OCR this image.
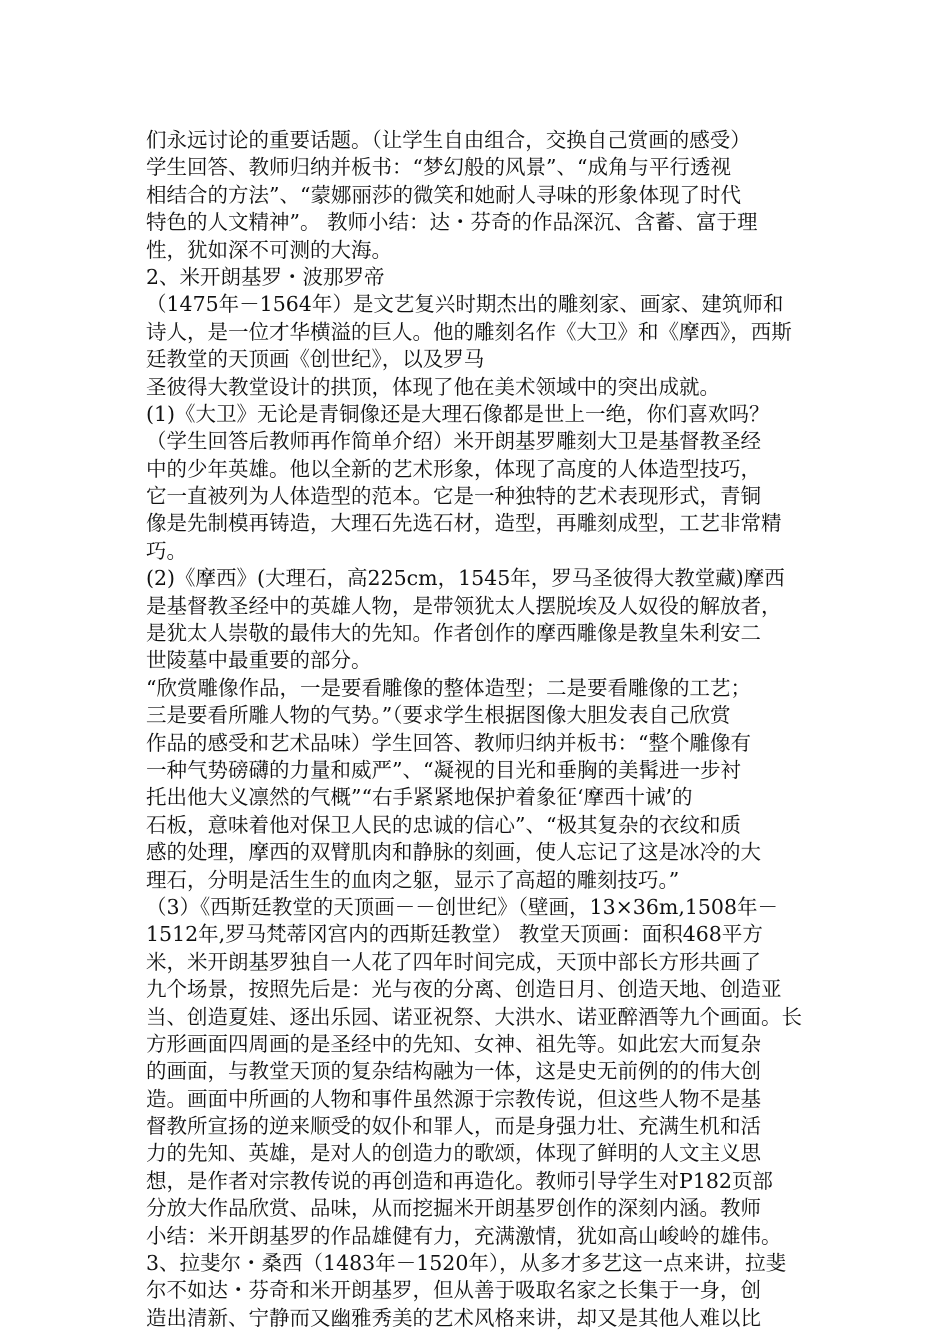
们永远讨论的重要话题。（让学生自由组合，交换自己赏画的感受）
学生回答、教师归纳并板书：“梦幻般的风景”、“成角与平行透视
相结合的方法”、“蒙娜丽莎的微笑和她耐人寻味的形象体现了时代
特色的人文精神”。 教师小结：达・芬奇的作品深沉、含蓄、富于理
性，犹如深不可测的大海。
2、米开朗基罗・波那罗帝
（1475年－1564年）是文艺复兴时期杰出的雕刻家、画家、建筑师和
诗人，是一位才华横溢的巨人。他的雕刻名作《大卫》和《摩西》，西斯
廷教堂的天顶画《创世纪》，以及罗马
圣彼得大教堂设计的拱顶，体现了他在美术领域中的突出成就。
(1)《大卫》无论是青铜像还是大理石像都是世上一绝，你们喜欢吗？
（学生回答后教师再作简单介绍）米开朗基罗雕刻大卫是基督教圣经
中的少年英雄。他以全新的艺术形象，体现了高度的人体造型技巧，
它一直被列为人体造型的范本。它是一种独特的艺术表现形式，青铜
像是先制模再铸造，大理石先选石材，造型，再雕刻成型，工艺非常精
巧。
(2)《摩西》(大理石，高225cm，1545年，罗马圣彼得大教堂藏)摩西
是基督教圣经中的英雄人物，是带领犹太人摆脱埃及人奴役的解放者，
是犹太人崇敬的最伟大的先知。作者创作的摩西雕像是教皇朱利安二
世陵墓中最重要的部分。
“欣赏雕像作品，一是要看雕像的整体造型；二是要看雕像的工艺；
三是要看所雕人物的气势。”（要求学生根据图像大胆发表自己欣赏
作品的感受和艺术品味）学生回答、教师归纳并板书：“整个雕像有
一种气势磅礴的力量和威严”、“凝视的目光和垂胸的美髯进一步衬
托出他大义凛然的气概”“右手紧紧地保护着象征‘摩西十诫’的
石板，意味着他对保卫人民的忠诚的信心”、“极其复杂的衣纹和质
感的处理，摩西的双臂肌肉和静脉的刻画，使人忘记了这是冰冷的大
理石，分明是活生生的血肉之躯，显示了高超的雕刻技巧。”
（3）《西斯廷教堂的天顶画－－创世纪》（壁画，13×36m,1508年－
1512年,罗马梵蒂冈宫内的西斯廷教堂） 教堂天顶画：面积468平方
米，米开朗基罗独自一人花了四年时间完成，天顶中部长方形共画了
九个场景，按照先后是：光与夜的分离、创造日月、创造天地、创造亚
当、创造夏娃、逐出乐园、诺亚祝祭、大洪水、诺亚醉酒等九个画面。长
方形画面四周画的是圣经中的先知、女神、祖先等。如此宏大而复杂
的画面，与教堂天顶的复杂结构融为一体，这是史无前例的的伟大创
造。画面中所画的人物和事件虽然源于宗教传说，但这些人物不是基
督教所宣扬的逆来顺受的奴仆和罪人，而是身强力壮、充满生机和活
力的先知、英雄，是对人的创造力的歌颂，体现了鲜明的人文主义思
想，是作者对宗教传说的再创造和再造化。教师引导学生对P182页部
分放大作品欣赏、品味，从而挖掘米开朗基罗创作的深刻内涵。教师
小结：米开朗基罗的作品雄健有力，充满激情，犹如高山峻岭的雄伟。
3、拉斐尔・桑西（1483年－1520年），从多才多艺这一点来讲，拉斐
尔不如达・芬奇和米开朗基罗，但从善于吸取名家之长集于一身，创
造出清新、宁静而又幽雅秀美的艺术风格来讲，却又是其他人难以比
